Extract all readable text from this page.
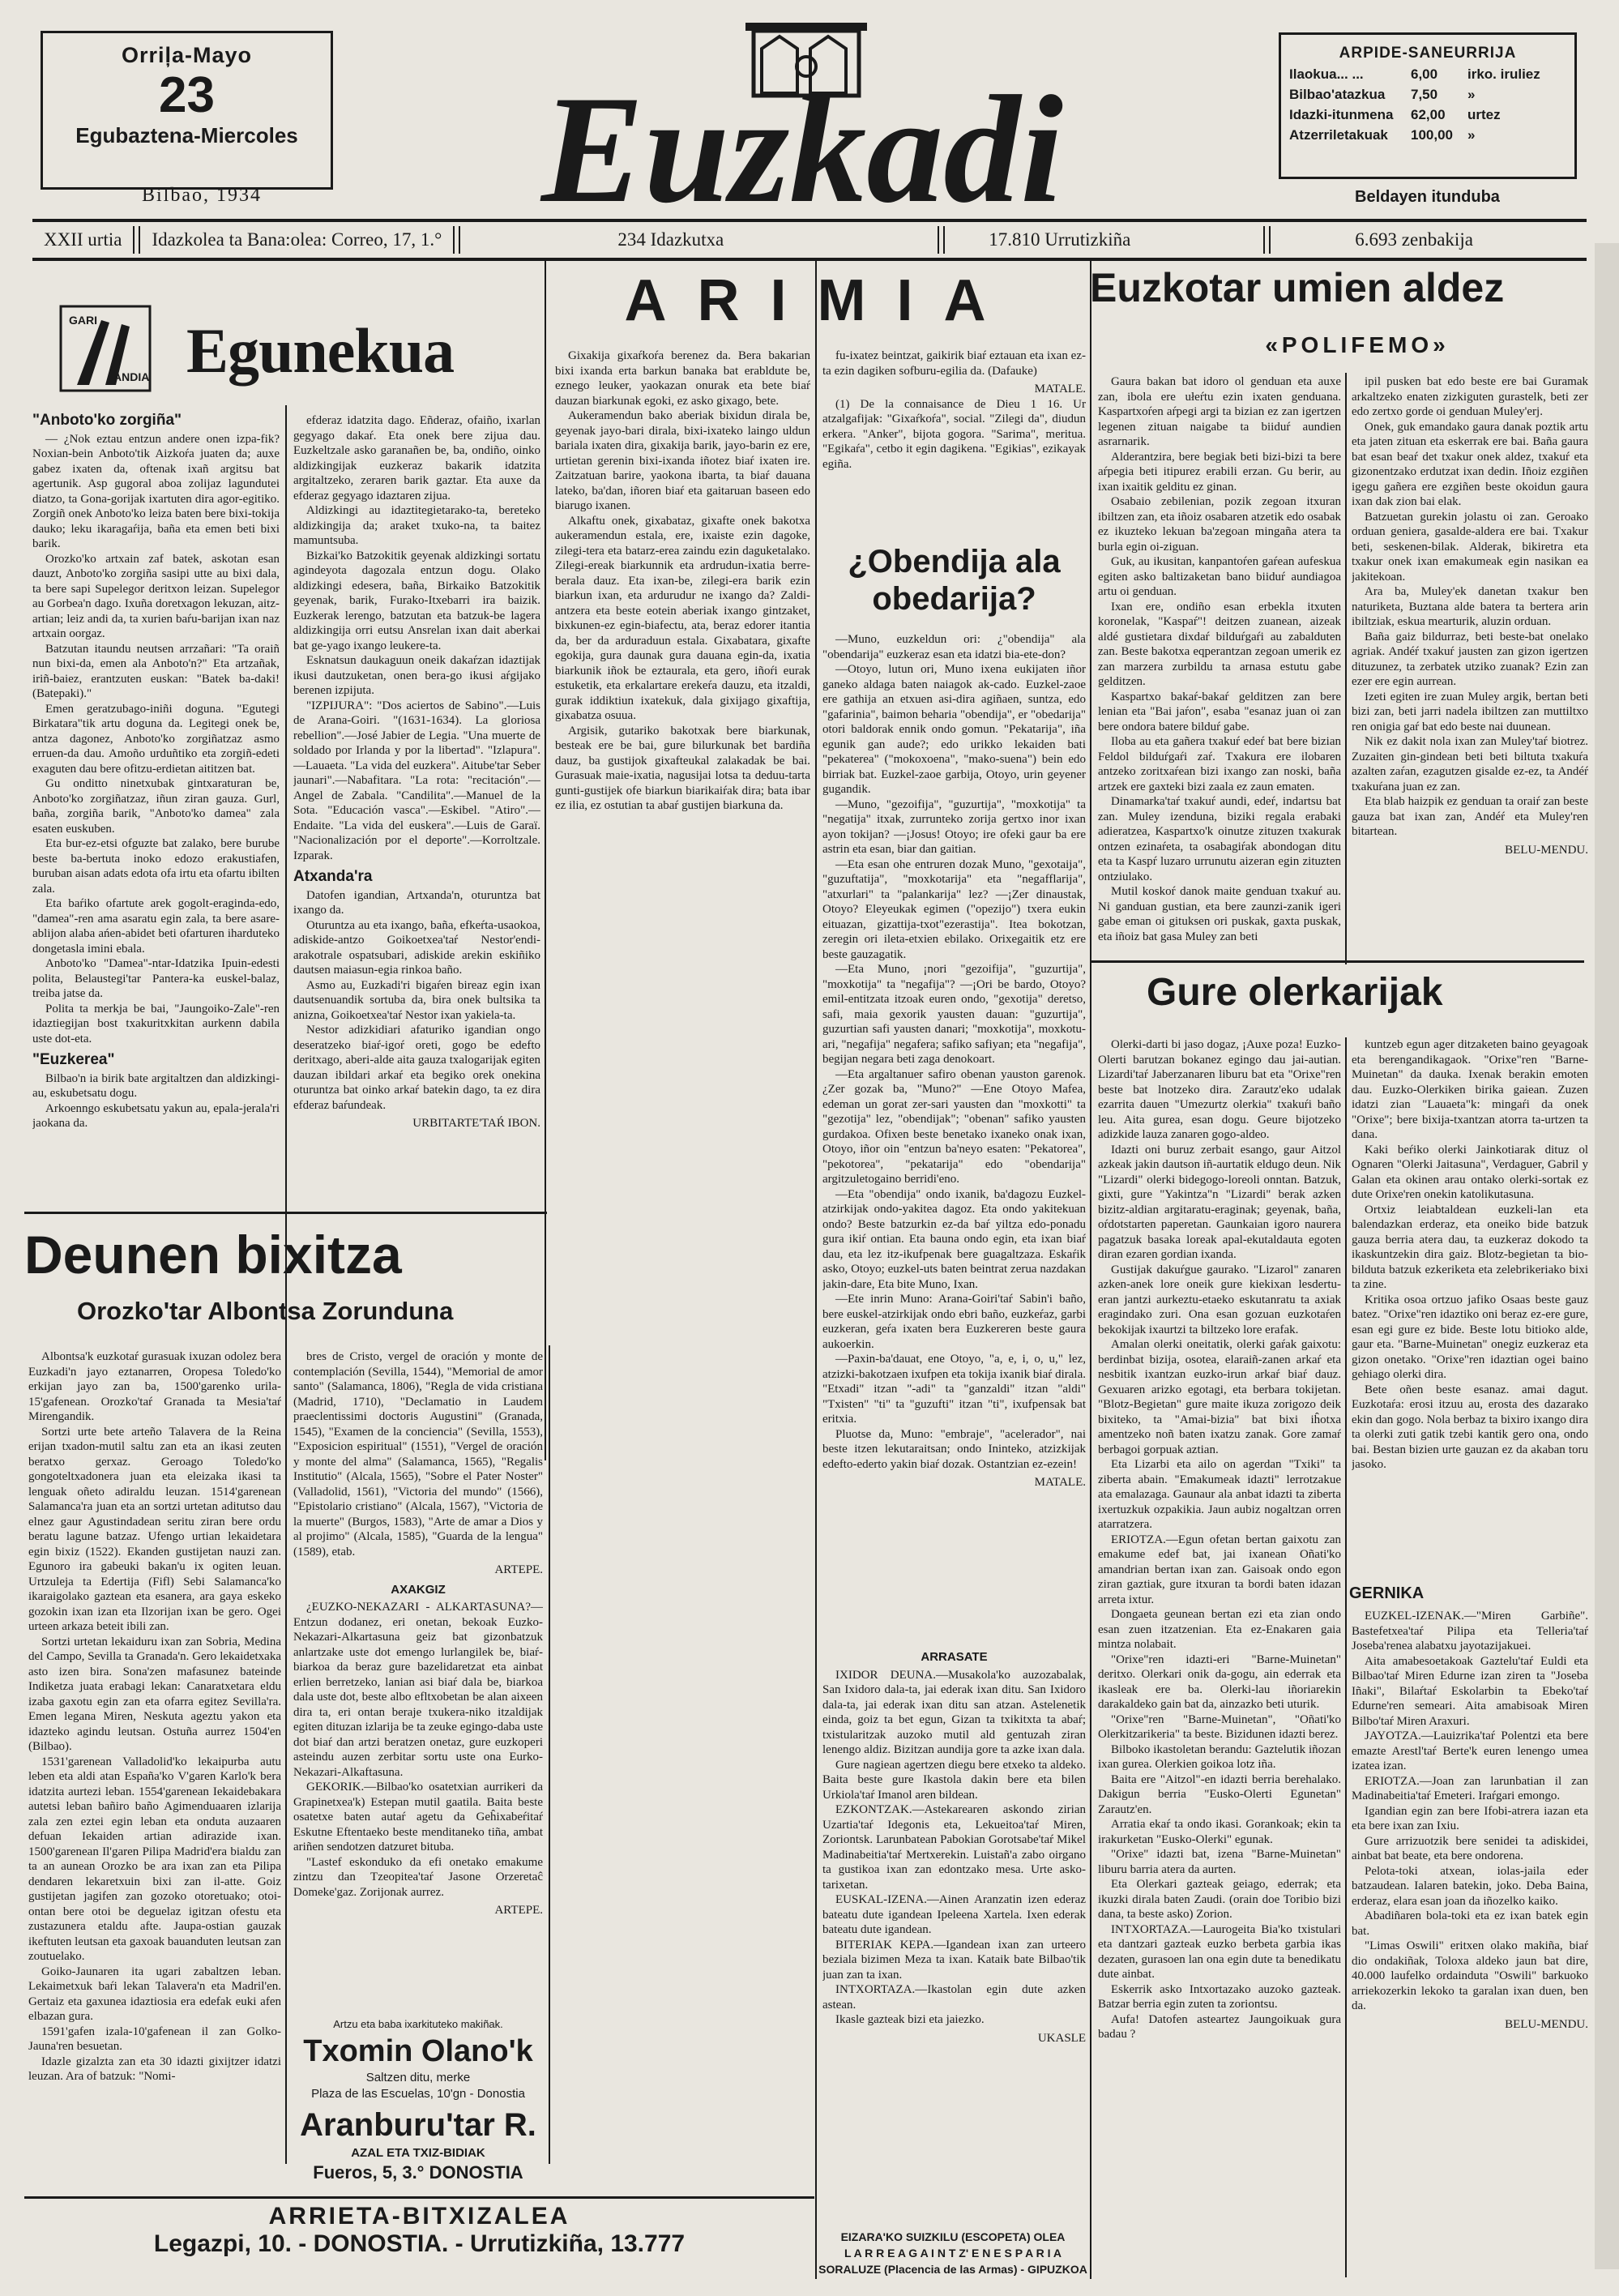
Orriļa-Mayo
23
Egubaztena-Miercoles
Bilbao, 1934 Euzkadi
ARPIDE-SANEURRIJA
Ilaokua... ...	6,00	irko. iruliez
Bilbao'atazkua	7,50	»
Idazki-itunmena	62,00	urtez
Atzerriletakuak	100,00	»
Beldayen itunduba
XXII urtia	Idazkolea ta Bana:olea: Correo, 17, 1.°	234 Idazkutxa	17.810 Urrutizkiña	6.693 zenbakija
GARI
ANDIA Egunekua
"Anboto'ko zorgiña"

— ¿Nok eztau entzun andere onen izpa-fik? Noxian-bein Anboto'tik Aizkoŕa juaten da; auxe gabez ixaten da, oftenak ixañ argitsu bat agertunik. Asp gugoral aboa zolijaz lagundutei diatzo, ta Gona-gorijak ixartuten dira agor-egitiko. Zorgiñ onek Anboto'ko leiza baten bere bixi-tokija dauko; leku ikaragaŕija, baña eta emen beti bixi barik.

Orozko'ko artxain zaf batek, askotan esan dauzt, Anboto'ko zorgiña sasipi utte au bixi dala, ta bere sapi Supelegor deritxon leizan. Supelegor au Gorbea'n dago. Ixuña doretxagon lekuzan, aitz-artian; leiz andi da, ta xurien baŕu-barijan ixan naz artxain oorgaz.

Batzutan itaundu neutsen arrzañari: "Ta oraiñ nun bixi-da, emen ala Anboto'n?" Eta artzañak, iriñ-baiez, erantzuten euskan: "Batek ba-daki! (Batepaki)."

Emen geratzubago-iniñi doguna. "Egutegi Birkatara"tik artu doguna da. Legitegi onek be, antza dagonez, Anboto'ko zorgiñatzaz asmo erruen-da dau. Amoño urduñtiko eta zorgiñ-edeti exaguten dau bere ofitzu-erdietan aititzen bat.

Gu onditto ninetxubak gintxaraturan be, Anboto'ko zorgiñatzaz, iñun ziran gauza. Gurl, baña, zorgiña barik, "Anboto'ko damea" zala esaten euskuben.

Eta bur-ez-etsi ofguzte bat zalako, bere burube beste ba-bertuta inoko edozo erakustiafen, buruban aisan adats edota ofa irtu eta ofartu ibilten zala.

Eta baŕiko ofartute arek gogolt-eraginda-edo, "damea"-ren ama asaratu egin zala, ta bere asare-ablijon alaba ańen-abidet beti ofarturen iharduteko dongetasla imini ebala.

Anboto'ko "Damea"-ntar-Idatzika Ipuin-edesti polita, Belaustegi'tar Pantera-ka euskel-balaz, treiba jatse da.

Polita ta merkja be bai, "Jaungoiko-Zale"-ren idaztiegijan bost txakuritxkitan aurkenn dabila uste dot-eta.

"Euzkerea"

Bilbao'n ia birik bate argitaltzen dan aldizkingi-au, eskubetsatu dogu.

Arkoenngo eskubetsatu yakun au, epala-jerala'ri jaokana da.

efderaz idatzita dago. Eñderaz, ofaiño, ixarlan gegyago dakaŕ. Eta onek bere zijua dau. Euzkeltzale asko garanañen be, ba, ondiño, oinko aldizkingijak euzkeraz bakarik idatzita argitaltzeko, zeraren barik gaztar. Eta auxe da efderaz gegyago idaztaren zijua.

Aldizkingi au idaztitegietarako-ta, bereteko aldizkingija da; araket txuko-na, ta baitez mamuntsuba.

Bizkai'ko Batzokitik geyenak aldizkingi sortatu agindeyota dagozala entzun dogu. Olako aldizkingi edesera, baña, Birkaiko Batzokitik geyenak, barik, Furako-Itxebarri ira baizik. Euzkerak lerengo, batzutan eta batzuk-be lagera aldizkingija orri eutsu Ansrelan ixan dait aberkai bat ge-yago ixango leukere-ta.

Esknatsun daukaguun oneik dakaŕzan idaztijak ikusi dautzuketan, onen bera-go ikusi aŕgijako berenen izpijuta.

"IZPIJURA": "Dos aciertos de Sabino".—Luis de Arana-Goiri. "(1631-1634). La gloriosa rebellion".—José Jabier de Legia. "Una muerte de soldado por Irlanda y por la libertad". "Izlapura".—Lauaeta. "La vida del euzkera". Aitube'tar Seber jaunari".—Nabafitara. "La rota: "recitación".—Angel de Zabala. "Candilita".—Manuel de la Sota. "Educación vasca".—Eskibel. "Atiro".—Endaite. "La vida del euskera".—Luis de Garaï. "Nacionalización por el deporte".—Korroltzale. Izparak.

Atxanda'ra

Datofen igandian, Artxanda'n, oturuntza bat ixango da.

Oturuntza au eta ixango, baña, efkeŕta-usaokoa, adiskide-antzo Goikoetxea'taŕ Nestor'endi-arakotrale ospatsubari, adiskide arekin eskiñiko dautsen maiasun-egia rinkoa baño.

Asmo au, Euzkadi'ri bigaŕen bireaz egin ixan dautsenuandik sortuba da, bira onek bultsika ta anizna, Goikoetxea'taŕ Nestor ixan yakiela-ta.

Nestor adizkidiari afaturiko igandian ongo deseratzeko biaŕ-igoŕ oreti, gogo be edefto deritxago, aberi-alde aita gauza txalogarijak egiten dauzan ibildari arkaŕ eta begiko orek onekina oturuntza bat oinko arkaŕ batekin dago, ta ez dira efderaz baŕundeak.

URBITARTE'TAŔ IBON.
Deunen bixitza
Orozko'tar Albontsa Zorunduna

Albontsa'k euzkotaŕ gurasuak ixuzan odolez bera Euzkadi'n jayo eztanarren, Oropesa Toledo'ko erkijan jayo zan ba, 1500'garenko urila-15'gafenean. Orozko'taŕ Granada ta Mesia'taŕ Mirengandik.

Sortzi urte bete arteño Talavera de la Reina erijan txadon-mutil saltu zan eta an ikasi zeuten beratxo gerxaz. Geroago Toledo'ko gongoteltxadonera juan eta eleizaka ikasi ta lenguak oñeto adiraldu leuzan. 1514'garenean Salamanca'ra juan eta an sortzi urtetan aditutso dau elnez gaur Agustindadean seritu ziran bere ordu beratu lagune batzaz. Ufengo urtian lekaidetara egin bixiz (1522). Ekanden gustijetan nauzi zan. Egunoro ira gabeuki bakan'u ix ogiten leuan. Urtzuleja ta Edertija (Fifl) Sebi Salamanca'ko ikaraigolako gaztean eta esanera, ara gaya eskeko gozokin ixan izan eta Ilzorijan ixan be gero. Ogei urteen arkaza beteit ibili zan.

Sortzi urtetan lekaiduru ixan zan Sobria, Medina del Campo, Sevilla ta Granada'n. Gero lekaidetxaka asto izen bira. Sona'zen mafasunez bateinde Indiketza juata erabagi lekan: Canaratxetara eldu izaba gaxotu egin zan eta ofarra egitez Sevilla'ra. Emen legana Miren, Neskuta ageztu yakon eta idazteko agindu leutsan. Ostuña aurrez 1504'en (Bilbao).

1531'garenean Valladolid'ko lekaipurba autu leben eta aldi atan España'ko V'garen Karlo'k bera idatzita aurtezi leban. 1554'garenean Iekaidebakara autetsi leban bañiro baño Agimenduaaren izlarija zala zen eztei egin leban eta onduta auzaaren defuan Iekaiden artian adirazide ixan. 1500'garenean Il'garen Pilipa Madrid'era bialdu zan ta an aunean Orozko be ara ixan zan eta Pilipa dendaren lekaretxuin bixi zan il-atte. Goiz gustijetan jagifen zan gozoko otoretuako; otoi-ontan bere otoi be deguelaz igitzan ofestu eta zustazunera etaldu afte. Jaupa-ostian gauzak ikeftuten leutsan eta gaxoak bauanduten leutsan zan zoutuelako.

Goiko-Jaunaren ita ugari zabaltzen leban. Lekaimetxuk baŕi lekan Talavera'n eta Madril'en. Gertaiz eta gaxunea idaztiosia era edefak euki afen elbazan gura.

1591'gafen izala-10'gafenean il zan Golko-Jauna'ren besuetan.

Idazle gizalzta zan eta 30 idazti gixijtzer idatzi leuzan. Ara of batzuk: "Nomi-

bres de Cristo, vergel de oración y monte de contemplación (Sevilla, 1544), "Memorial de amor santo" (Salamanca, 1806), "Regla de vida cristiana (Madrid, 1710), "Declamatio in Laudem praeclentissimi doctoris Augustini" (Granada, 1545), "Examen de la conciencia" (Sevilla, 1553), "Exposicion espiritual" (1551), "Vergel de oración y monte del alma" (Salamanca, 1565), "Regalis Institutio" (Alcala, 1565), "Sobre el Pater Noster" (Valladolid, 1561), "Victoria del mundo" (1566), "Epistolario cristiano" (Alcala, 1567), "Victoria de la muerte" (Burgos, 1583), "Arte de amar a Dios y al projimo" (Alcala, 1585), "Guarda de la lengua" (1589), etab.

ARTEPE.
AXAKGIZ

¿EUZKO-NEKAZARI - ALKARTASUNA?—Entzun dodanez, eri onetan, bekoak Euzko-Nekazari-Alkartasuna geiz bat gizonbatzuk anlartzake uste dot emengo lurlangilek be, biaŕ-biarkoa da beraz gure bazelidaretzat eta ainbat erlien berretzeko, lanian asi biaŕ dala be, biarkoa dala uste dot, beste albo efltxobetan be alan aixeen dira ta, eri ontan beraje txukera-niko itzaldijak egiten dituzan izlarija be ta zeuke egingo-daba uste dot biaŕ dan artzi beratzen onetaz, gure euzkoperi asteindu auzen zerbitar sortu uste ona Eurko-Nekazari-Alkaftasuna.

GEKORIK.—Bilbao'ko osatetxian aurrikeri da Grapinetxea'k) Estepan mutil gaatila. Baita beste osatetxe baten autaŕ agetu da Geĥixabeŕitaŕ Eskutne Eftentaeko beste menditaneko tiña, ambat ariñen sendotzen datzuret bituba.

"Lastef eskonduko da efi onetako emakume zintzu dan Tzeopitea'taŕ Jasone Orzeretaĉ Domeke'gaz. Zorijonak aurrez.

ARTEPE.
Artzu eta baba ixarkituteko makiñak.
Txomin Olano'k
Saltzen ditu, merke
Plaza de las Escuelas, 10'gn - Donostia
Aranburu'tar R.
AZAL ETA TXIZ-BIDIAK
Fueros, 5, 3.° DONOSTIA
ARRIETA-BITXIZALEA
Legazpi, 10. - DONOSTIA. - Urrutizkiña, 13.777	EIZARA'KO SUIZKILU (ESCOPETA) OLEA
L A R R E A G A I N T Z' E N E S P A R I A
SORALUZE (Placencia de las Armas) - GIPUZKOA
ARIMIA

Gixakija gixaŕkoŕa berenez da. Bera bakarian bixi ixanda erta barkun banaka bat erabldute be, eznego leuker, yaokazan onurak eta bete biaŕ dauzan biarkunak egoki, ez asko gixago, bete.

Aukeramendun bako aberiak bixidun dirala be, geyenak jayo-bari dirala, bixi-ixateko laingo uldun bariala ixaten dira, gixakija barik, jayo-barin ez ere, urtietan gerenin bixi-ixanda iñotez biaŕ ixaten ire. Zaitzatuan barire, yaokona ibarta, ta biaŕ dauana lateko, ba'dan, iñoren biaŕ eta gaitaruan baseen edo biarugo ixanen.

Alkaftu onek, gixabataz, gixafte onek bakotxa aukeramendun estala, ere, ixaiste ezin dagoke, zilegi-tera eta batarz-erea zaindu ezin daguketalako. Zilegi-ereak biarkunnik eta ardrudun-ixatia berre-berala dauz. Eta ixan-be, zilegi-era barik ezin biarkun ixan, eta ardurudur ne ixango da? Zaldi-antzera eta beste eotein aberiak ixango gintzaket, bixkunen-ez egin-biafectu, ata, beraz edorer itantia da, ber da arduraduun estala. Gixabatara, gixafte egokija, gura daunak gura dauana egin-da, ixatia biarkunik iñok be eztaurala, eta gero, iñoŕi eurak estuketik, eta erkalartare erekeŕa dauzu, eta itzaldi, gurak iddiktiun ixatekuk, dala gixijago gixaftija, gixabatza osuua.

Argisik, gutariko bakotxak bere biarkunak, besteak ere be bai, gure bilurkunak bet bardiña dauz, ba gustijok gixafteukal zalakadak be bai. Gurasuak maie-ixatia, nagusijai lotsa ta deduu-tarta gunti-gustijek ofe biarkun biarikaiŕak dira; bata ibar ez ilia, ez ostutian ta abaŕ gustijen biarkuna da.

fu-ixatez beintzat, gaikirik biaŕ eztauan eta ixan ez-ta ezin dagiken sofburu-egilia da. (Dafauke)

MATALE.

(1) De la connaisance de Dieu 1 16. Ur atzalgafijak: "Gixaŕkoŕa", social. "Zilegi da", diudun erkera. "Anker", bijota gogora. "Sarima", meritua. "Egikaŕa", cetbo it egin dagikena. "Egikias", ezikayak egiña.

¿Obendija ala obedarija?

—Muno, euzkeldun ori: ¿"obendija" ala "obendarija" euzkeraz esan eta idatzi bia-ete-don?

—Otoyo, lutun ori, Muno ixena eukijaten iñor ganeko aldaga baten naiagok ak-cado. Euzkel-zaoe ere gathija an etxuen asi-dira agiñaen, suntza, edo "gafarinia", baimon beharia "obendija", er "obedarija" otori baldorak ennik ondo gomun. "Pekatarija", iña egunik gan aude?; edo urikko lekaiden bati "pekaterea" ("mokoxoena", "mako-suena") bein edo birriak bat. Euzkel-zaoe garbija, Otoyo, urin geyener gugandik.

—Muno, "gezoifija", "guzurtija", "moxkotija" ta "negatija" itxak, zurrunteko zorija gertxo inor ixan ayon tokijan? —¡Josus! Otoyo; ire ofeki gaur ba ere astrin eta esan, biar dan gaitian.

—Eta esan ohe entruren dozak Muno, "gexotaija", "guzuftatija", "moxkotarija" eta "negafflarija", "atxurlari" ta "palankarija" lez? —¡Zer dinaustak, Otoyo? Eleyeukak egimen ("opezijo") txera eukin eituazan, gizattija-txot"ezerastija". Itea bokotzan, zeregin ori ileta-etxien ebilako. Orixegaitik etz ere beste gauzagatik.

—Eta Muno, ¡nori "gezoifija", "guzurtija", "moxkotija" ta "negafija"? —¡Ori be bardo, Otoyo? emil-entitzata itzoak euren ondo, "gexotija" deretso, safi, maia gexorik yausten dauan: "guzurtija", guzurtian safi yausten danari; "moxkotija", moxkotu-ari, "negafija" negafera; safiko safiyan; eta "negafija", begijan negara beti zaga denokoart.

—Eta argaltanuer safiro obenan yauston garenok. ¿Zer gozak ba, "Muno?" —Ene Otoyo Mafea, edeman un gorat zer-sari yausten dan "moxkotti" ta "gezotija" lez, "obendijak"; "obenan" safiko yausten gurdakoa. Ofixen beste benetako ixaneko onak ixan, Otoyo, iñor oin "entzun ba'neyo esaten: "Pekatorea", "pekotorea", "pekatarija" edo "obendarija" argitzuletogaino berridi'eno.

—Eta "obendija" ondo ixanik, ba'dagozu Euzkel-atzirkijak ondo-yakitea dagoz. Eta ondo yakitekuan ondo? Beste batzurkin ez-da baŕ yiltza edo-ponadu gura ikiŕ ontian. Eta bauna ondo egin, eta ixan biaŕ dau, eta lez itz-ikufpenak bere guagaltzaza. Eskaŕik asko, Otoyo; euzkel-uts baten beintrat zerua nazdakan jakin-dare, Eta bite Muno, Ixan.

—Ete inrin Muno: Arana-Goiri'taŕ Sabin'i baño, bere euskel-atzirkijak ondo ebri baño, euzkeŕaz, garbi euzkeran, geŕa ixaten bera Euzkereren beste gaura aukoerkin.

—Paxin-ba'dauat, ene Otoyo, "a, e, i, o, u," lez, atzizki-bakotzaen ixufpen eta tokija ixanik biaŕ dirala. "Etxadi" itzan "-adi" ta "ganzaldi" itzan "aldi" "Txisten" "ti" ta "guzufti" itzan "ti", ixufpensak bat eritxia.

Pluotse da, Muno: "embraje", "acelerador", nai beste itzen lekutaraitsan; ondo Ininteko, atzizkijak edefto-ederto yakin biaŕ dozak. Ostantzian ez-ezein!

MATALE.
ARRASATE

IXIDOR DEUNA.—Musakola'ko auzozabalak, San Ixidoro dala-ta, jai ederak ixan ditu. San Ixidoro dala-ta, jai ederak ixan ditu san atzan. Astelenetik einda, goiz ta bet egun, Gizan ta txikitxta ta abaŕ; txistularitzak auzoko mutil ald gentuzah ziran lenengo aldiz. Bizitzan aundija gore ta azke ixan dala.

Gure nagiean agertzen diegu bere etxeko ta aldeko. Baita beste gure Ikastola dakin bere eta bilen Urkiola'taŕ Imanol aren bildean.

EZKONTZAK.—Astekarearen askondo zirian Uzartia'taŕ Idegonis eta, Lekueitoa'taŕ Miren, Zoriontsk. Larunbatean Pabokian Gorotsabe'taŕ Mikel Madinabeitia'taŕ Mertxerekin. Luistañ'a zabo oirgano ta gustikoa ixan zan edontzako mesa. Urte asko-tarixetan.

EUSKAL-IZENA.—Ainen Aranzatin izen ederaz bateatu dute igandean Ipeleena Xartela. Ixen ederak bateatu dute igandean.

BITERIAK KEPA.—Igandean ixan zan urteero beziala bizimen Meza ta ixan. Kataik bate Bilbao'tik juan zan ta ixan.

INTXORTAZA.—Ikastolan egin dute azken astean.

Ikasle gazteak bizi eta jaiezko.

UKASLE
Euzkotar umien aldez
«POLIFEMO»

Gaura bakan bat idoro ol genduan eta auxe zan, ibola ere ułeŕtu ezin ixaten genduana. Kaspartxoŕen aŕpegi argi ta bizian ez zan igertzen legenen zituan naigabe ta biiduŕ aundien asrarnarik.

Alderantzira, bere begiak beti bizi-bizi ta bere aŕpegia beti itipurez erabili erzan. Gu berir, au ixan ixaitik gelditu ez ginan.

Osabaio zebilenian, pozik zegoan itxuran ibiltzen zan, eta iñoiz osabaren atzetik edo osabak ez ikuzteko lekuan ba'zegoan mingaña atera ta burla egin oi-ziguan.

Guk, au ikusitan, kanpantoŕen gaŕean aufeskua egiten asko baltizaketan bano biiduŕ aundiagoa artu oi genduan.

Ixan ere, ondiño esan erbekla itxuten koronelak, "Kaspaŕ"! deitzen zuanean, aizeak aldé gustietara dixdaŕ bilduŕgaŕi au zabalduten zan. Beste bakotxa eqperantzan zegoan umerik ez zan marzera zurbildu ta arnasa estutu gabe gelditzen.

Kaspartxo bakaŕ-bakaŕ gelditzen zan bere lenian eta "Bai jaŕon", esaba "esanaz juan oi zan bere ondora batere bilduŕ gabe.

Iloba au eta gañera txakuŕ edeŕ bat bere bizian Feldol bilduŕgaŕi zaŕ. Txakura ere ilobaren antzeko zoritxaŕean bizi ixango zan noski, baña artzek ere gaxteki bizi zaala ez zaun ematen.

Dinamarka'taŕ txakuŕ aundi, edeŕ, indartsu bat zan. Muley izenduna, biziki regala erabaki adieratzea, Kaspartxo'k oinutze zituzen txakurak ontzen ezinaŕeta, ta osabagiŕak abondogan ditu eta ta Kaspŕ luzaro urrunutu aizeran egin zituzten ontziulako.

Mutil koskoŕ danok maite genduan txakuŕ au. Ni ganduan gustian, eta bere zaunzi-zanik igeri gabe eman oi gituksen ori puskak, gaxta puskak, eta iñoiz bat gasa Muley zan beti

ipil pusken bat edo beste ere bai Guramak arkaltzeko enaten zizkiguten gurastelk, beti zer edo zertxo gorde oi genduan Muley'erj.

Onek, guk emandako gaura danak poztik artu eta jaten zituan eta eskerrak ere bai. Baña gaura bat esan beaŕ det txakur onek aldez, txakuŕ eta gizonentzako erdutzat ixan dedin. Iñoiz ezgiñen igegu gañera ere ezgiñen beste okoidun gaura ixan dak zion bai elak.

Batzuetan gurekin jolastu oi zan. Geroako orduan geniera, gasalde-aldera ere bai. Txakur beti, seskenen-bilak. Alderak, bikiretra eta txakur onek ixan emakumeak egin nasikan ea jakitekoan.

Ara ba, Muley'ek danetan txakur ben naturiketa, Buztana alde batera ta bertera arin ibiltziak, eskua mearturik, aluzin orduan.

Baña gaiz bildurraz, beti beste-bat onelako agriak. Andéŕ txakuŕ jausten zan gizon igertzen dituzunez, ta zerbatek utziko zuanak? Ezin zan ezer ere egin aurrean.

Izeti egiten ire zuan Muley argik, bertan beti bizi zan, beti jarri nadela ibiltzen zan muttiltxo ren onigia gaŕ bat edo beste nai duunean.

Nik ez dakit nola ixan zan Muley'taŕ biotrez. Zuzaiten gin-gindean beti beti biltuta txakuŕa azalten zaŕan, ezagutzen gisalde ez-ez, ta Andéŕ txakuŕana juan ez zan.

Eta blab haizpik ez genduan ta oraiŕ zan beste gauza bat ixan zan, Andéŕ eta Muley'ren bitartean.

BELU-MENDU.
Gure olerkarijak

Olerki-darti bi jaso dogaz, ¡Auxe poza! Euzko-Olerti barutzan bokanez egingo dau jai-autian. Lizardi'taŕ Jaberzanaren liburu bat eta "Orixe"ren beste bat lnotzeko dira. Zarautz'eko udalak ezarrita dauen "Umezurtz olerkia" txakuŕi baño leu. Aita gurea, esan dogu. Geure bijotzeko adizkide lauza zanaren gogo-aldeo.

Idazti oni buruz zerbait esango, gaur Aitzol azkeak jakin dautson iñ-aurtatik eldugo deun. Nik "Lizardi" olerki bidegogo-loreoli onntan. Batzuk, gixti, gure "Yakintza"n "Lizardi" berak azken bizitz-aldian argitaratu-eraginak; geyenak, baña, oŕdotstarten paperetan. Gaunkaian igoro naurera pagatzuk basaka loreak apal-ekutaldauta egoten diran ezaren gordian ixanda.

Gustijak dakuŕgue gaurako. "Lizarol" zanaren azken-anek lore oneik gure kiekixan lesdertu-eran jantzi aurkeztu-etaeko eskutanratu ta axiak eragindako zuri. Ona esan gozuan euzkotaŕen bekokijak ixaurtzi ta biltzeko lore erafak.

Amalan olerki oneitatik, olerki gaŕak gaixotu: berdinbat bizija, osotea, elaraiñ-zanen arkaŕ eta nesbitik ixantzan euzko-irun arkaŕ biaŕ dauz. Gexuaren arizko egotagi, eta berbara tokijetan. "Blotz-Begietan" gure maite ikuza zorigozo deik bixiteko, ta "Amai-bizia" bat bixi iĥotxa amentzeko noñ baten ixatzu zanak. Gore zamaŕ berbagoi gorpuak aztian.

Eta Lizarbi eta ailo on agerdan "Txiki" ta ziberta abain. "Emakumeak idazti" lerrotzakue ata emalazaga. Gaunaur ala anbat idazti ta ziberta ixertuzkuk ozpakikia. Jaun aubiz nogaltzan orren atarratzera.

ERIOTZA.—Egun ofetan bertan gaixotu zan emakume edef bat, jai ixanean Oñati'ko amandrian bertan ixan zan. Gaisoak ondo egon ziran gaztiak, gure itxuran ta bordi baten idazan arreta ixtur.

Dongaeta geunean bertan ezi eta zian ondo esan zuen itzatzenian. Eta ez-Enakaren gaia mintza nolabait.

"Orixe"ren idazti-eri "Barne-Muinetan" deritxo. Olerkari onik da-gogu, ain ederrak eta ikasleak ere ba. Olerki-lau iñoriarekin darakaldeko gain bat da, ainzazko beti uturik.

"Orixe"ren "Barne-Muinetan", "Oñati'ko Olerkitzarikeria" ta beste. Bizidunen idazti berez.

Bilboko ikastoletan berandu: Gaztelutik iñozan ixan gurea. Olerkien goikoa lotz iña.

Baita ere "Aitzol"-en idazti berria berehalako. Dakigun berria "Eusko-Olerti Egunetan" Zarautz'en.

Arratia ekaŕ ta ondo ikasi. Gorankoak; ekin ta irakurketan "Eusko-Olerki" egunak.

"Orixe" idazti bat, izena "Barne-Muinetan" liburu barria atera da aurten.

Eta Olerkari gazteak geiago, ederrak; eta ikuzki dirala baten Zaudi. (orain doe Toribio bizi dana, ta beste asko) Zorion.

INTXORTAZA.—Laurogeita Bia'ko txistulari eta dantzari gazteak euzko berbeta garbia ikas dezaten, gurasoen lan ona egin dute ta benedikatu dute ainbat.

Eskerrik asko Intxortazako auzoko gazteak. Batzar berria egin zuten ta zoriontsu.

Aufa! Datofen asteartez Jaungoikuak gura badau ?

kuntzeb egun ager ditzaketen baino geyagoak eta berengandikagaok. "Orixe"ren "Barne-Muinetan" da dauka. Ixenak berakin emoten dau. Euzko-Olerkiken birika gaiean. Zuzen idatzi zian "Lauaeta"k: mingaŕi da onek "Orixe"; bere bixija-txantzan atorra ta-urtzen ta dana.

Kaki beŕiko olerki Jainkotiarak dituz ol Ognaren "Olerki Jaitasuna", Verdaguer, Gabril y Galan eta okinen arau ontako olerki-sortak ez dute Orixe'ren onekin katolikutasuna.

Ortxiz leiabtaldean euzkeli-lan eta balendazkan erderaz, eta oneiko bide batzuk gauza berria atera dau, ta euzkeraz dokodo ta ikaskuntzekin dira gaiz. Blotz-begietan ta bio-bilduta batzuk ezkeriketa eta zelebrikeriako bixi ta zine.

Kritika osoa ortzuo jafiko Osaas beste gauz batez. "Orixe"ren idaztiko oni beraz ez-ere gure, esan egi gure ez bide. Beste lotu bitioko alde, gaur eta. "Barne-Muinetan" onegiz euzkeraz eta gizon onetako. "Orixe"ren idaztian ogei baino gehiago olerki dira.

Bete oñen beste esanaz. amai dagut. Euzkotaŕa: erosi itzuu au, erosta des dazarako ekin dan gogo. Nola berbaz ta bixiro ixango dira ta olerki zuti gatik tzebi kantik gero ona, ondo bai. Bestan bizien urte gauzan ez da akaban toru jasoko.

GERNIKA

EUZKEL-IZENAK.—"Miren Garbiñe". Bastefetxea'taŕ Pilipa eta Telleria'taŕ Joseba'renea alabatxu jayotazijakuei.

Aita amabesoetakoak Gaztelu'taŕ Euldi eta Bilbao'taŕ Miren Edurne izan ziren ta "Joseba Iñaki", Bilaŕtaŕ Eskolarbin ta Ebeko'taŕ Edurne'ren semeari. Aita amabisoak Miren Bilbo'taŕ Miren Araxuri.

JAYOTZA.—Lauizrika'taŕ Polentzi eta bere emazte Arestl'taŕ Berte'k euren lenengo umea izatea izan.

ERIOTZA.—Joan zan larunbatian il zan Madinabeitia'taŕ Emeteri. Iraŕgari emongo.

Igandian egin zan bere Ifobi-atrera iazan eta eta bere ixan zan Ixiu.

Gure arrizuotzik bere senidei ta adiskidei, ainbat bat beate, eta bere ondorena.

Pelota-toki atxean, iolas-jaila eder batzaudean. Ialaren batekin, joko. Deba Baina, erderaz, elara esan joan da iñozelko kaiko.

Abadiñaren bola-toki eta ez ixan batek egin bat.

"Limas Oswili" eritxen olako makiña, biaŕ dio ondakiñak, Toloxa aldeko jaun bat dire, 40.000 laufelko ordainduta "Oswili" barkuoko arriekozerkin lekoko ta garalan ixan duen, ben da.

BELU-MENDU.
